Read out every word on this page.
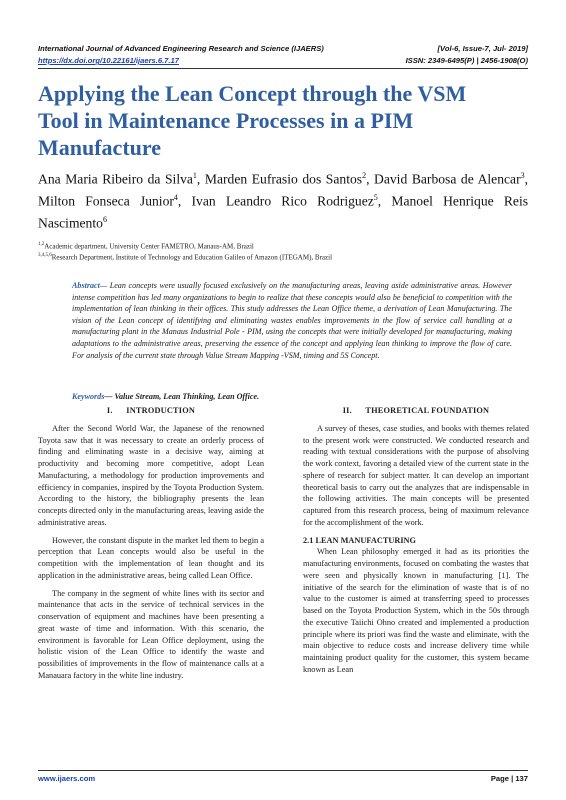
International Journal of Advanced Engineering Research and Science (IJAERS)	[Vol-6, Issue-7, Jul- 2019]
https://dx.doi.org/10.22161/ijaers.6.7.17	ISSN: 2349-6495(P) | 2456-1908(O)
Applying the Lean Concept through the VSM Tool in Maintenance Processes in a PIM Manufacture
Ana Maria Ribeiro da Silva$^1$, Marden Eufrasio dos Santos$^2$, David Barbosa de Alencar$^3$, Milton Fonseca Junior$^4$, Ivan Leandro Rico Rodriguez$^5$, Manoel Henrique Reis Nascimento$^6$
$^{1,2}$Academic department, University Center FAMETRO, Manaus-AM, Brazil
$^{3,4,5,6}$Research Department, Institute of Technology and Education Galileo of Amazon (ITEGAM), Brazil
Abstract— Lean concepts were usually focused exclusively on the manufacturing areas, leaving aside administrative areas. However intense competition has led many organizations to begin to realize that these concepts would also be beneficial to competition with the implementation of lean thinking in their offices. This study addresses the Lean Office theme, a derivation of Lean Manufacturing. The vision of the Lean concept of identifying and eliminating wastes enables improvements in the flow of service call handling at a manufacturing plant in the Manaus Industrial Pole - PIM, using the concepts that were initially developed for manufacturing, making adaptations to the administrative areas, preserving the essence of the concept and applying lean thinking to improve the flow of care. For analysis of the current state through Value Stream Mapping -VSM, timing and 5S Concept.
Keywords— Value Stream, Lean Thinking, Lean Office.
I.      INTRODUCTION

After the Second World War, the Japanese of the renowned Toyota saw that it was necessary to create an orderly process of finding and eliminating waste in a decisive way, aiming at productivity and becoming more competitive, adopt Lean Manufacturing, a methodology for production improvements and efficiency in companies, inspired by the Toyota Production System. According to the history, the bibliography presents the lean concepts directed only in the manufacturing areas, leaving aside the administrative areas.

However, the constant dispute in the market led them to begin a perception that Lean concepts would also be useful in the competition with the implementation of lean thought and its application in the administrative areas, being called Lean Office.

The company in the segment of white lines with its sector and maintenance that acts in the service of technical services in the conservation of equipment and machines have been presenting a great waste of time and information. With this scenario, the environment is favorable for Lean Office deployment, using the holistic vision of the Lean Office to identify the waste and possibilities of improvements in the flow of maintenance calls at a Manauara factory in the white line industry.

II.      THEORETICAL FOUNDATION

A survey of theses, case studies, and books with themes related to the present work were constructed. We conducted research and reading with textual considerations with the purpose of absolving the work context, favoring a detailed view of the current state in the sphere of research for subject matter. It can develop an important theoretical basis to carry out the analyzes that are indispensable in the following activities. The main concepts will be presented captured from this research process, being of maximum relevance for the accomplishment of the work.

2.1 LEAN MANUFACTURING

When Lean philosophy emerged it had as its priorities the manufacturing environments, focused on combating the wastes that were seen and physically known in manufacturing [1]. The initiative of the search for the elimination of waste that is of no value to the customer is aimed at transferring speed to processes based on the Toyota Production System, which in the 50s through the executive Taiichi Ohno created and implemented a production principle where its priori was find the waste and eliminate, with the main objective to reduce costs and increase delivery time while maintaining product quality for the customer, this system became known as Lean

www.ijaers.com	Page | 137
